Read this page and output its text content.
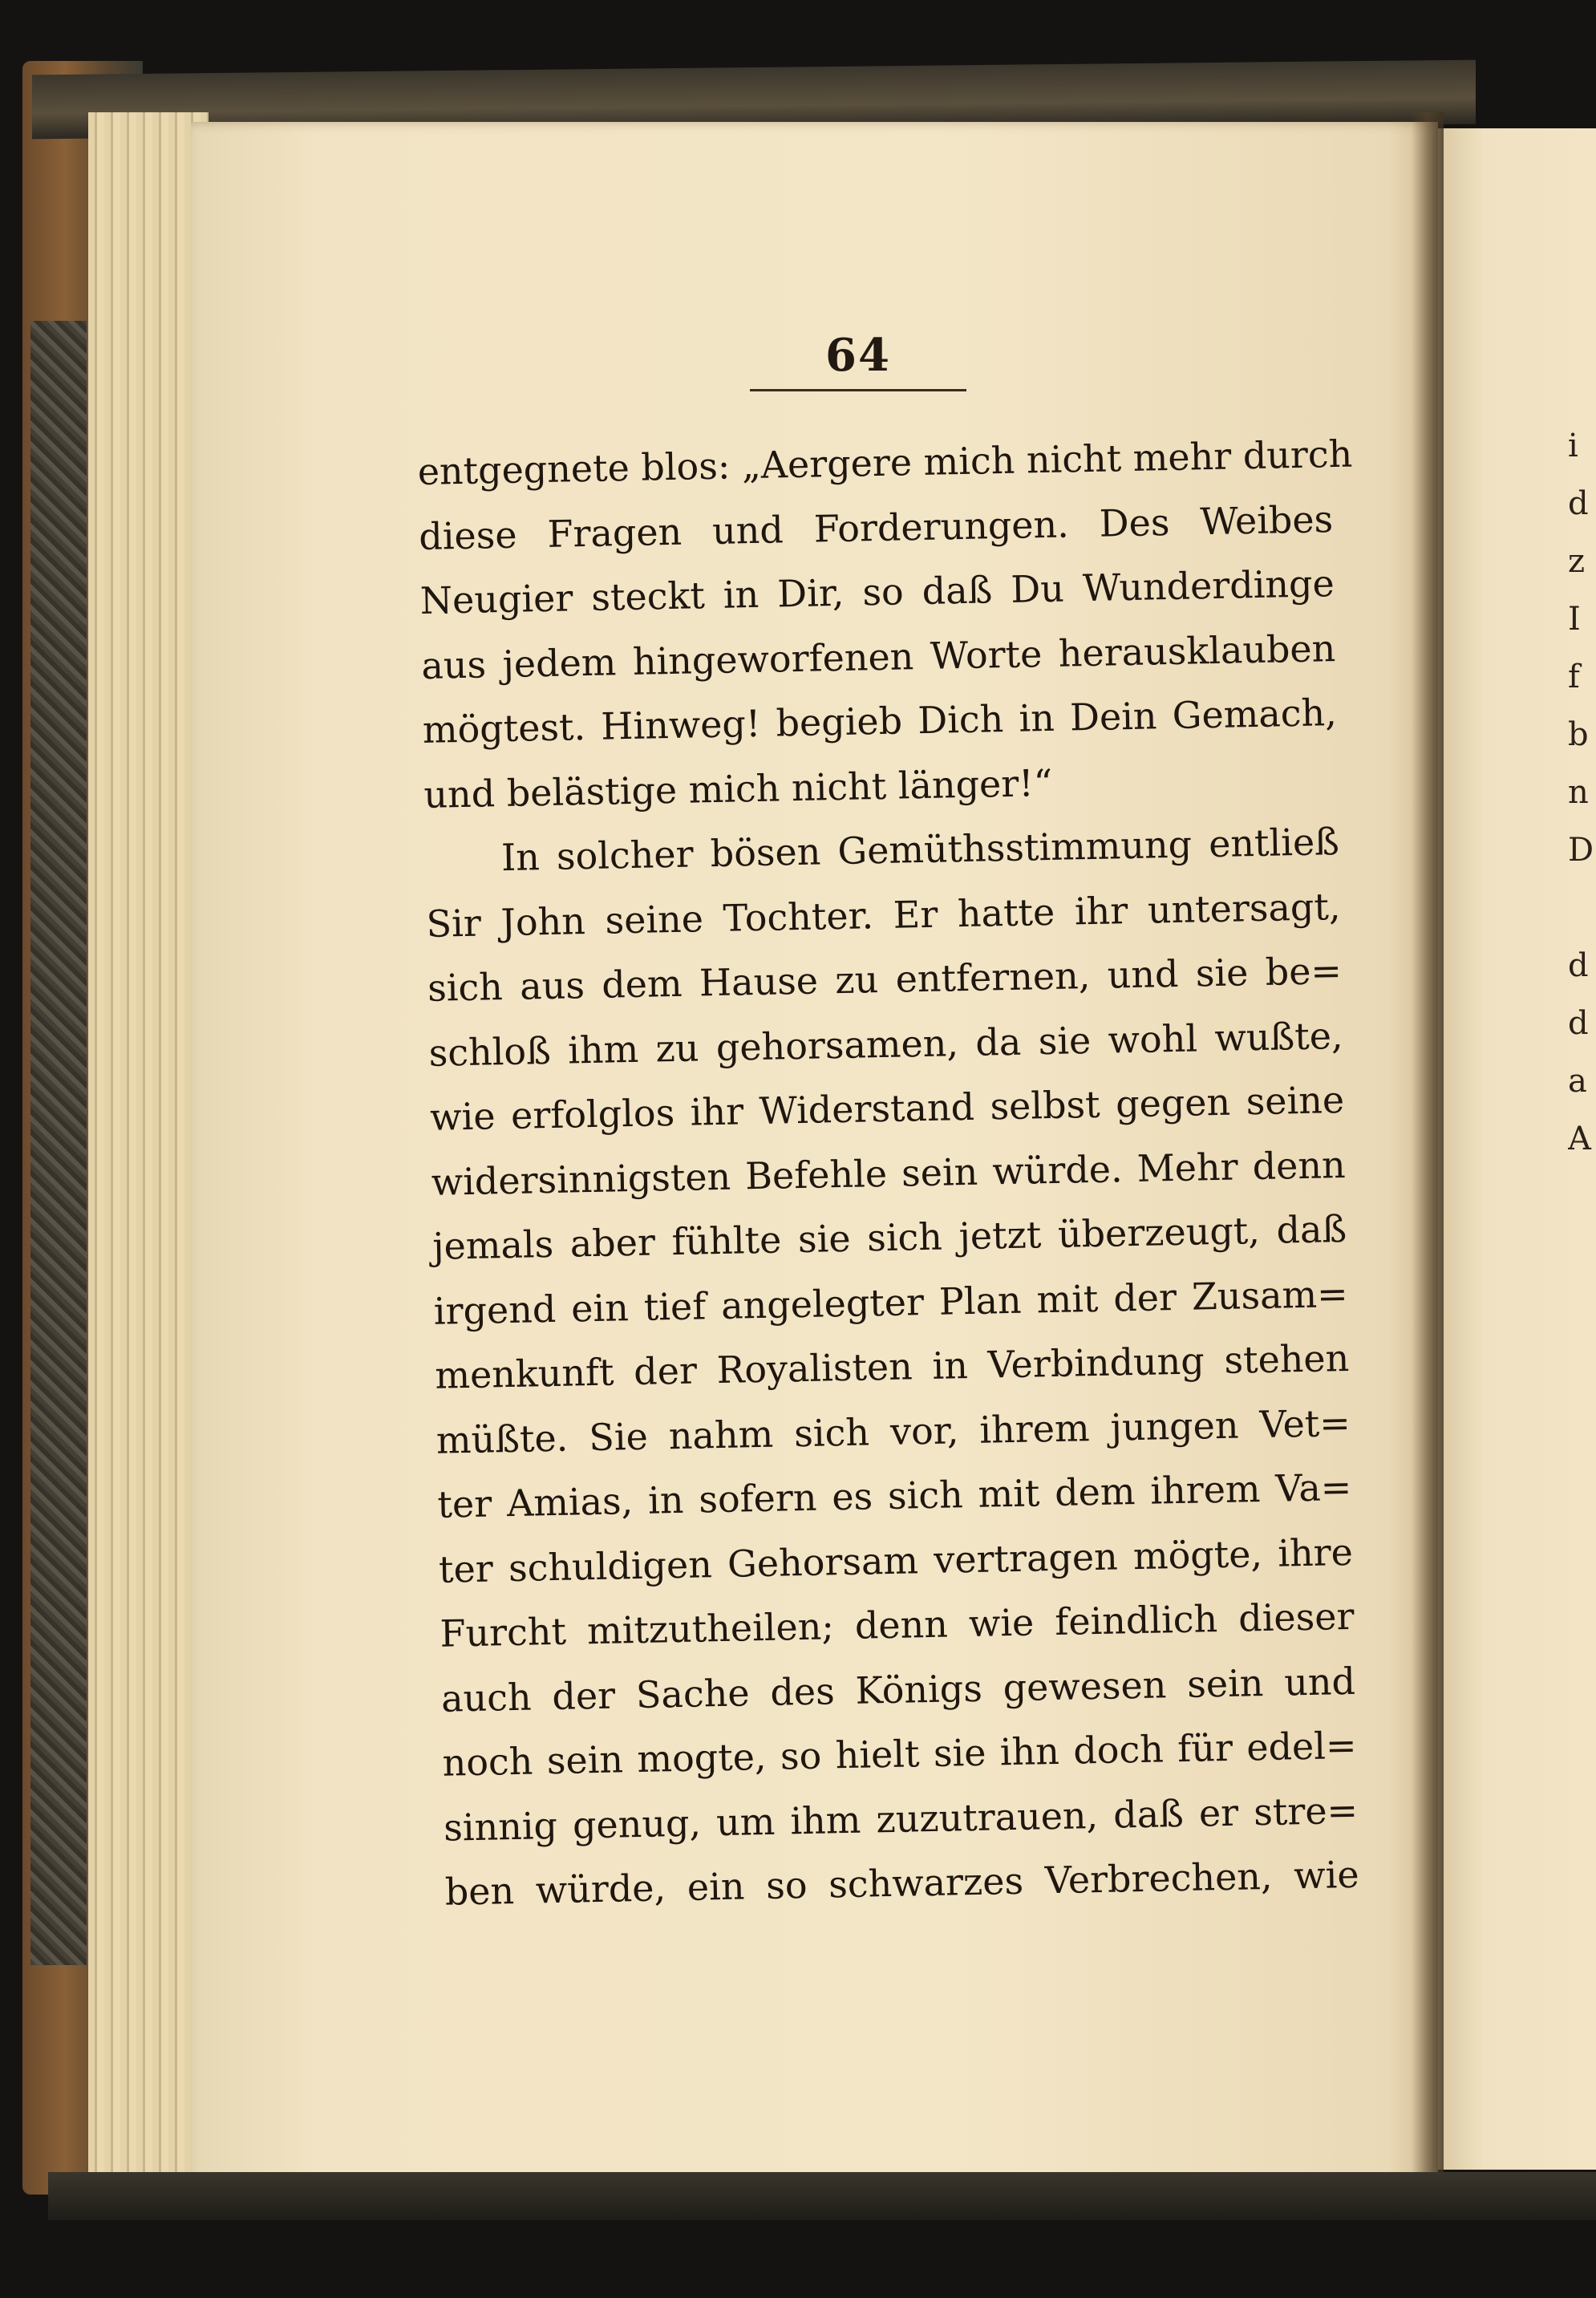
i
d
z
I
f
b
n
D

d
d
a
A
64
entgegnete blos: „Aergere mich nicht mehr durch
diese Fragen und Forderungen. Des Weibes
Neugier steckt in Dir, so daß Du Wunderdinge
aus jedem hingeworfenen Worte herausklauben
mögtest. Hinweg! begieb Dich in Dein Gemach,
und belästige mich nicht länger!“
In solcher bösen Gemüthsstimmung entließ
Sir John seine Tochter. Er hatte ihr untersagt,
sich aus dem Hause zu entfernen, und sie be=
schloß ihm zu gehorsamen, da sie wohl wußte,
wie erfolglos ihr Widerstand selbst gegen seine
widersinnigsten Befehle sein würde. Mehr denn
jemals aber fühlte sie sich jetzt überzeugt, daß
irgend ein tief angelegter Plan mit der Zusam=
menkunft der Royalisten in Verbindung stehen
müßte. Sie nahm sich vor, ihrem jungen Vet=
ter Amias, in sofern es sich mit dem ihrem Va=
ter schuldigen Gehorsam vertragen mögte, ihre
Furcht mitzutheilen; denn wie feindlich dieser
auch der Sache des Königs gewesen sein und
noch sein mogte, so hielt sie ihn doch für edel=
sinnig genug, um ihm zuzutrauen, daß er stre=
ben würde, ein so schwarzes Verbrechen, wie
